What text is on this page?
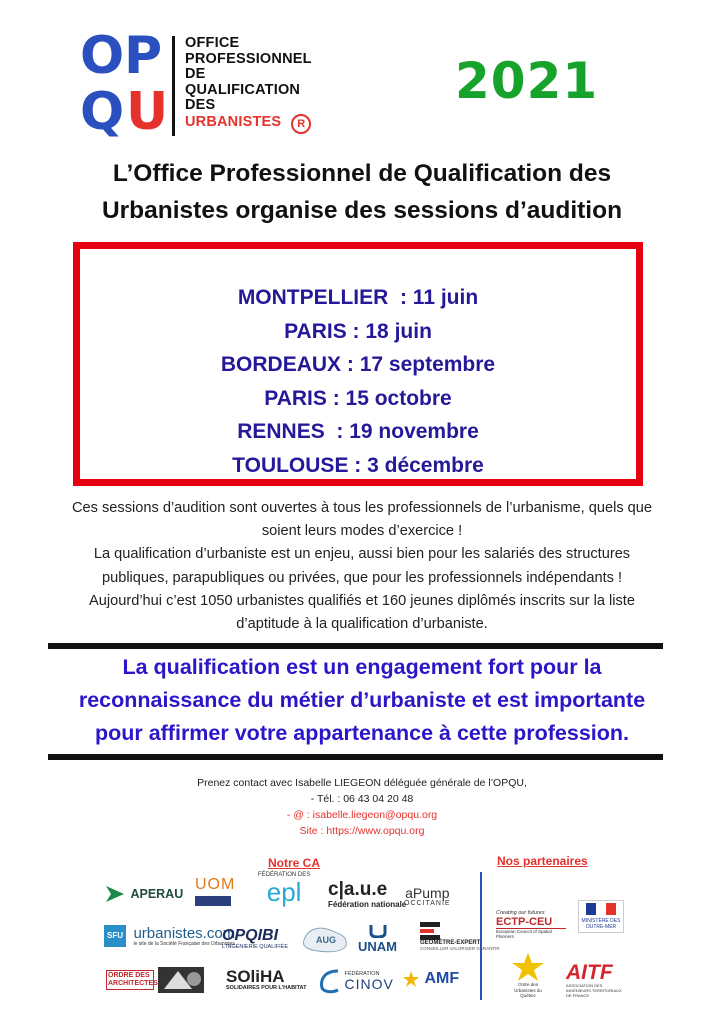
O P
Q U
OFFICE
PROFESSIONNEL
DE
QUALIFICATION
DES
URBANISTES R
2021
L’Office Professionnel de Qualification des
Urbanistes organise des sessions d’audition
MONTPELLIER  : 11 juin
PARIS : 18 juin
BORDEAUX : 17 septembre
PARIS : 15 octobre
RENNES  : 19 novembre
TOULOUSE : 3 décembre
Ces sessions d’audition sont ouvertes à tous les professionnels de l’urbanisme, quels que
soient leurs modes d’exercice !
La qualification d’urbaniste est un enjeu, aussi bien pour les salariés des structures
publiques, parapubliques ou privées, que pour les professionnels indépendants !
Aujourd’hui c’est 1050 urbanistes qualifiés et 160 jeunes diplômés inscrits sur la liste
d’aptitude à la qualification d’urbaniste.
La qualification est un engagement fort pour la
reconnaissance du métier d’urbaniste et est importante
pour affirmer votre appartenance à cette profession.
Prenez contact avec Isabelle LIEGEON déléguée générale de l’OPQU,
- Tél. : 06 43 04 20 48
- @ : isabelle.liegeon@opqu.org
Site : https://www.opqu.org
Notre CA	Nos partenaires
APERAU
UOM
FÉDÉRATION DES
epl	c|a.u.e
Fédération nationale
aPump
OCCITANIE
SFU urbanistes.com
le site de la Société Française des Urbanistes
OPQIBI
L’INGÉNIERIE QUALIFIÉE
AUG UNAM	GÉOMÈTRE-EXPERT
CONSEILLER VALORISER GARANTIR
ORDRE DES ARCHITECTES	SOliHA
SOLIDAIRES POUR L’HABITAT

FÉDÉRATION
CINOV	AMF
Creating our futures
ECTP-CEU
European Council of Spatial Planners
MINISTÈRE DES OUTRE-MER
Ordre des Urbanistes du Québec
AITF
ASSOCIATION DES INGÉNIEURS TERRITORIAUX DE FRANCE
